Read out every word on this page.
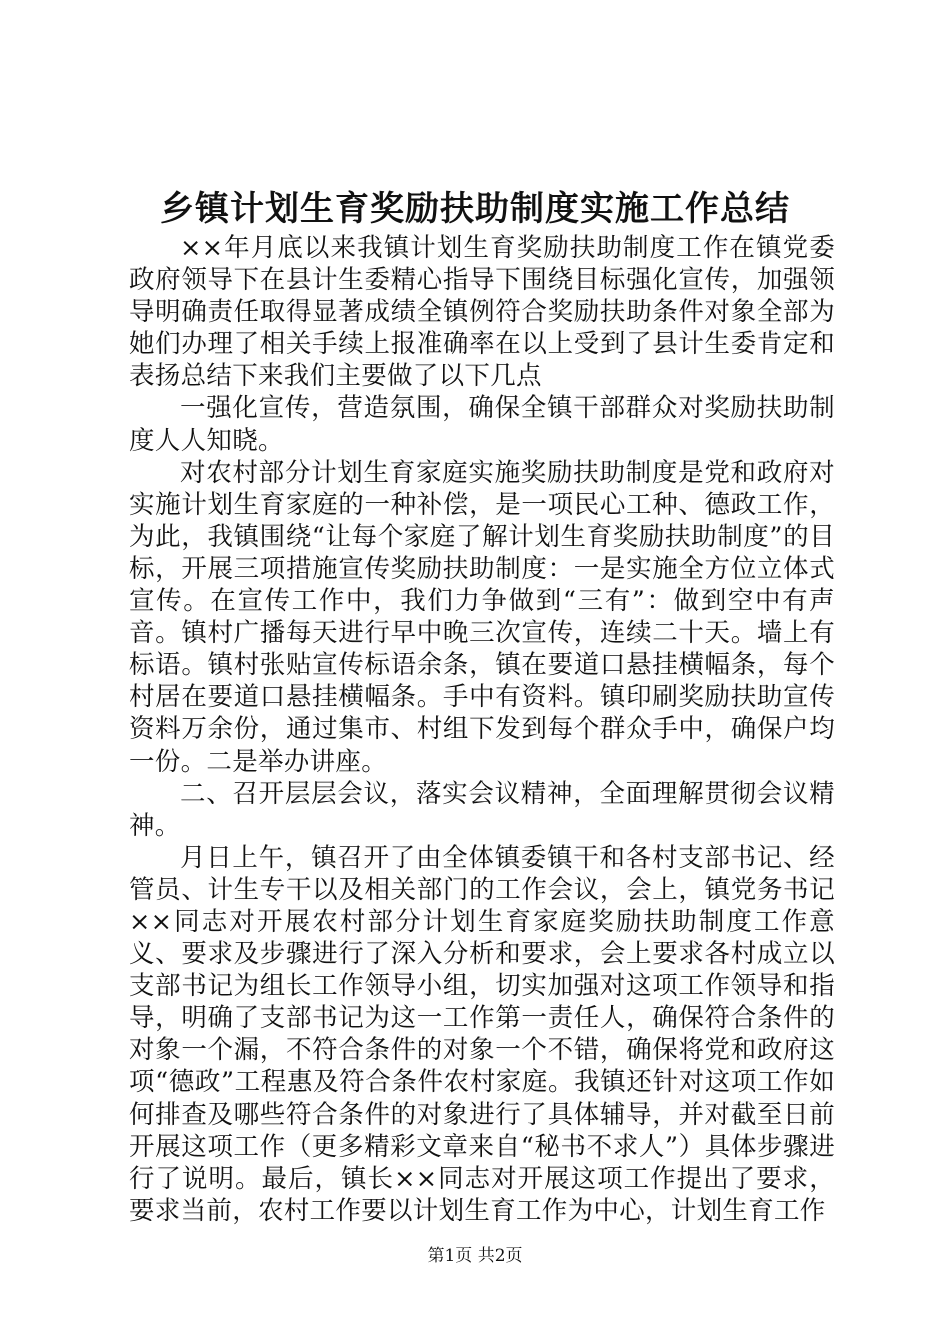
乡镇计划生育奖励扶助制度实施工作总结

××年月底以来我镇计划生育奖励扶助制度工作在镇党委政府领导下在县计生委精心指导下围绕目标强化宣传，加强领导明确责任取得显著成绩全镇例符合奖励扶助条件对象全部为她们办理了相关手续上报准确率在以上受到了县计生委肯定和表扬总结下来我们主要做了以下几点

一强化宣传，营造氛围，确保全镇干部群众对奖励扶助制度人人知晓。

对农村部分计划生育家庭实施奖励扶助制度是党和政府对实施计划生育家庭的一种补偿，是一项民心工种、德政工作，为此，我镇围绕“让每个家庭了解计划生育奖励扶助制度”的目标，开展三项措施宣传奖励扶助制度：一是实施全方位立体式宣传。在宣传工作中，我们力争做到“三有”：做到空中有声音。镇村广播每天进行早中晚三次宣传，连续二十天。墙上有标语。镇村张贴宣传标语余条，镇在要道口悬挂横幅条，每个村居在要道口悬挂横幅条。手中有资料。镇印刷奖励扶助宣传资料万余份，通过集市、村组下发到每个群众手中，确保户均一份。二是举办讲座。

二、召开层层会议，落实会议精神，全面理解贯彻会议精神。

月日上午，镇召开了由全体镇委镇干和各村支部书记、经管员、计生专干以及相关部门的工作会议，会上，镇党务书记××同志对开展农村部分计划生育家庭奖励扶助制度工作意义、要求及步骤进行了深入分析和要求，会上要求各村成立以支部书记为组长工作领导小组，切实加强对这项工作领导和指导，明确了支部书记为这一工作第一责任人，确保符合条件的对象一个漏，不符合条件的对象一个不错，确保将党和政府这项“德政”工程惠及符合条件农村家庭。我镇还针对这项工作如何排查及哪些符合条件的对象进行了具体辅导，并对截至日前开展这项工作（更多精彩文章来自“秘书不求人”）具体步骤进行了说明。最后，镇长××同志对开展这项工作提出了要求，要求当前，农村工作要以计划生育工作为中心，计划生育工作

第1页 共2页
